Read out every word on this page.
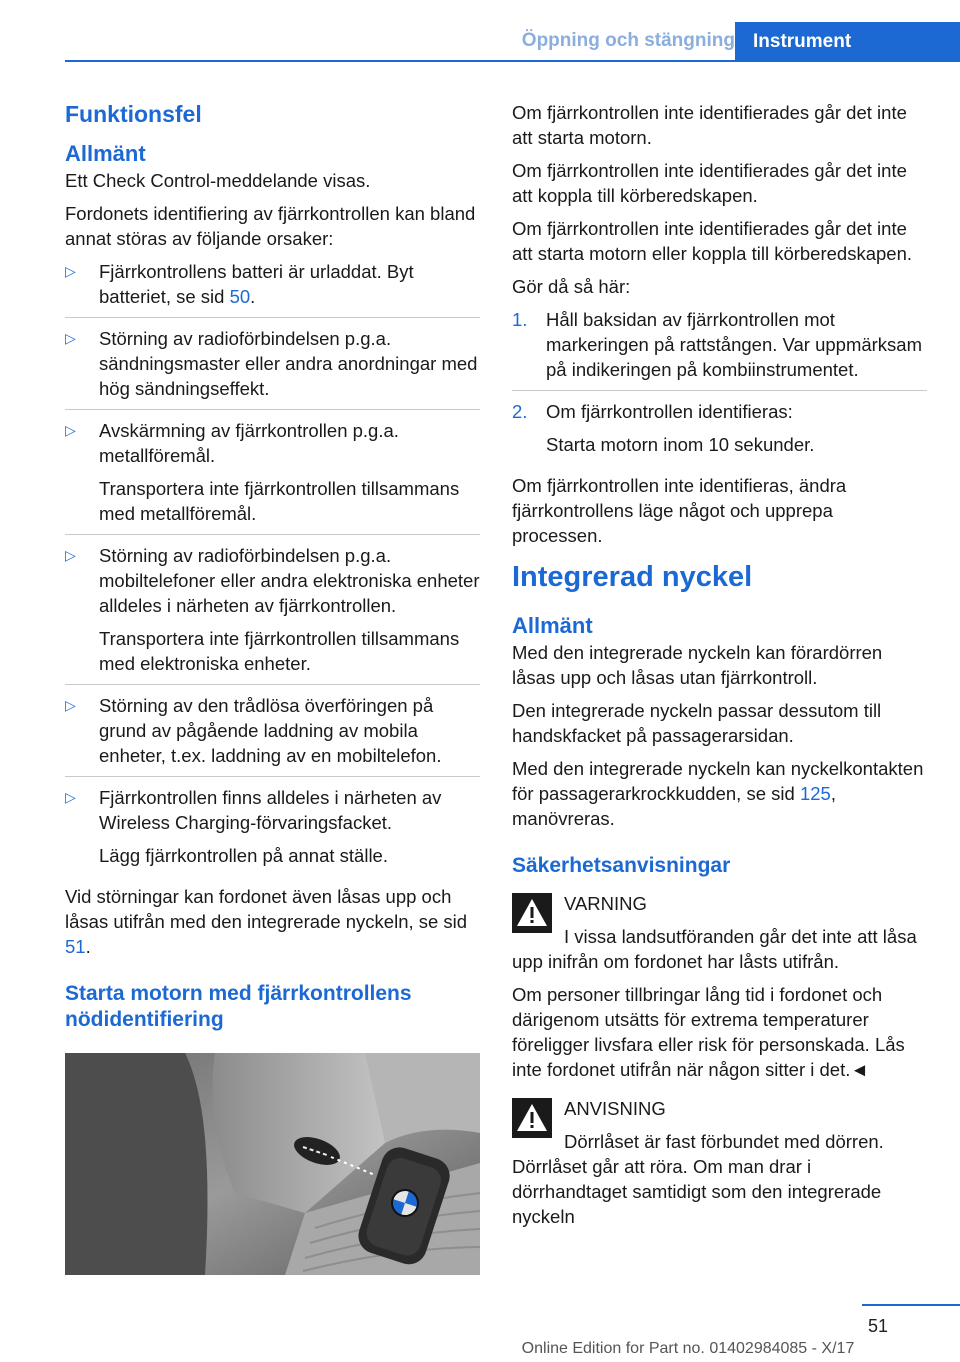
Öppning och stängning Instrument
Funktionsfel
Allmänt

Ett Check Control-meddelande visas.

Fordonets identifiering av fjärrkontrollen kan bland annat störas av följande orsaker:

▷ Fjärrkontrollens batteri är urladdat. Byt batteriet, se sid 50.

▷ Störning av radioförbindelsen p.g.a. sändningsmaster eller andra anordningar med hög sändningseffekt.

▷ Avskärmning av fjärrkontrollen p.g.a. metallföremål.

Transportera inte fjärrkontrollen tillsammans med metallföremål.

▷ Störning av radioförbindelsen p.g.a. mobiltelefoner eller andra elektroniska enheter alldeles i närheten av fjärrkontrollen.

Transportera inte fjärrkontrollen tillsammans med elektroniska enheter.

▷ Störning av den trådlösa överföringen på grund av pågående laddning av mobila enheter, t.ex. laddning av en mobiltelefon.

▷ Fjärrkontrollen finns alldeles i närheten av Wireless Charging-förvaringsfacket.

Lägg fjärrkontrollen på annat ställe.

Vid störningar kan fordonet även låsas upp och låsas utifrån med den integrerade nyckeln, se sid 51.

Starta motorn med fjärrkontrollens nödidentifiering

Om fjärrkontrollen inte identifierades går det inte att starta motorn.

Om fjärrkontrollen inte identifierades går det inte att koppla till körberedskapen.

Om fjärrkontrollen inte identifierades går det inte att starta motorn eller koppla till körberedskapen.

Gör då så här:

1. Håll baksidan av fjärrkontrollen mot markeringen på rattstången. Var uppmärksam på indikeringen på kombiinstrumentet.

2. Om fjärrkontrollen identifieras:

Starta motorn inom 10 sekunder.

Om fjärrkontrollen inte identifieras, ändra fjärrkontrollens läge något och upprepa processen.

Integrerad nyckel
Allmänt

Med den integrerade nyckeln kan förardörren låsas upp och låsas utan fjärrkontroll.

Den integrerade nyckeln passar dessutom till handskfacket på passagerarsidan.

Med den integrerade nyckeln kan nyckelkontakten för passagerarkrockkudden, se sid 125, manövreras.

Säkerhetsanvisningar

VARNING

I vissa landsutföranden går det inte att låsa upp inifrån om fordonet har låsts utifrån.

Om personer tillbringar lång tid i fordonet och därigenom utsätts för extrema temperaturer föreligger livsfara eller risk för personskada. Lås inte fordonet utifrån när någon sitter i det.◄

ANVISNING

Dörrlåset är fast förbundet med dörren. Dörrlåset går att röra. Om man drar i dörrhandtaget samtidigt som den integrerade nyckeln

51
Online Edition for Part no. 01402984085 - X/17
